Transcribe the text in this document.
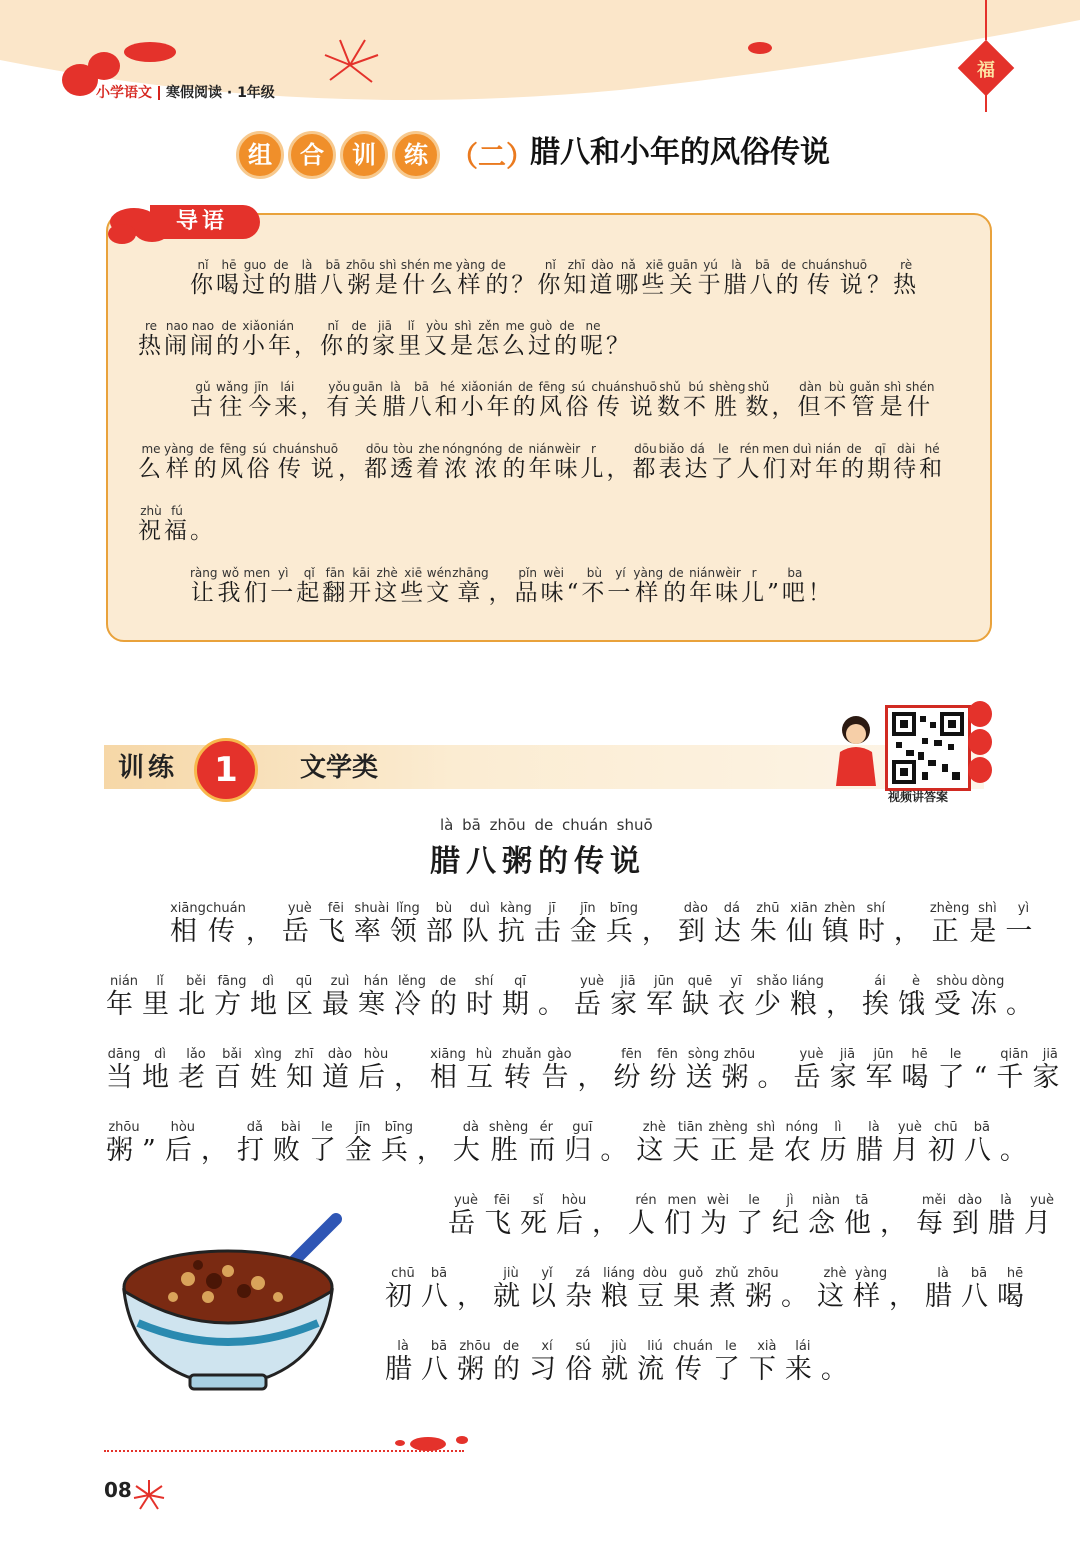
福
小学语文 寒假阅读 · 1年级
组	合	训	练 （二）
腊八和小年的风俗传说
导语
你nǐ喝hē过guo的de腊là八bā粥zhōu是shì什shén么me样yàng的de？你nǐ知zhī道dào哪nǎ些xiē关guān于yú腊là八bā的de传chuán说shuō？热rè
热re闹nao闹nao的de小xiǎo年nián，你nǐ的de家jiā里lǐ又yòu是shì怎zěn么me过guò的de呢ne？
古gǔ往wǎng今jīn来lái，有yǒu关guān腊là八bā和hé小xiǎo年nián的de风fēng俗sú传chuán说shuō数shǔ不bú胜shèng数shǔ，但dàn不bù管guǎn是shì什shén
么me样yàng的de风fēng俗sú传chuán说shuō，都dōu透tòu着zhe浓nóng浓nóng的de年nián味wèir儿r，都dōu表biǎo达dá了le人rén们men对duì年nián的de期qī待dài和hé
祝zhù福fú。
让ràng我wǒ们men一yì起qǐ翻fān开kāi这zhè些xiē文wén章zhāng，品pǐn味wèi“不bù一yí样yàng的de年nián味wèir儿r”吧ba！
训练	1	文学类
视频讲答案
là bā zhōu de chuán shuō
腊八粥的传说
相xiāng传chuán，岳yuè飞fēi率shuài领lǐng部bù队duì抗kàng击jī金jīn兵bīng，到dào达dá朱zhū仙xiān镇zhèn时shí，正zhèng是shì一yì
年nián里lǐ北běi方fāng地dì区qū最zuì寒hán冷lěng的de时shí期qī。岳yuè家jiā军jūn缺quē衣yī少shǎo粮liáng，挨ái饿è受shòu冻dòng。
当dāng地dì老lǎo百bǎi姓xìng知zhī道dào后hòu，相xiāng互hù转zhuǎn告gào，纷fēn纷fēn送sòng粥zhōu。岳yuè家jiā军jūn喝hē了le“千qiān家jiā
粥zhōu”后hòu，打dǎ败bài了le金jīn兵bīng，大dà胜shèng而ér归guī。这zhè天tiān正zhèng是shì农nóng历lì腊là月yuè初chū八bā。
岳yuè飞fēi死sǐ后hòu，人rén们men为wèi了le纪jì念niàn他tā，每měi到dào腊là月yuè
初chū八bā，就jiù以yǐ杂zá粮liáng豆dòu果guǒ煮zhǔ粥zhōu。这zhè样yàng，腊là八bā喝hē
腊là八bā粥zhōu的de习xí俗sú就jiù流liú传chuán了le下xià来lái。
08
